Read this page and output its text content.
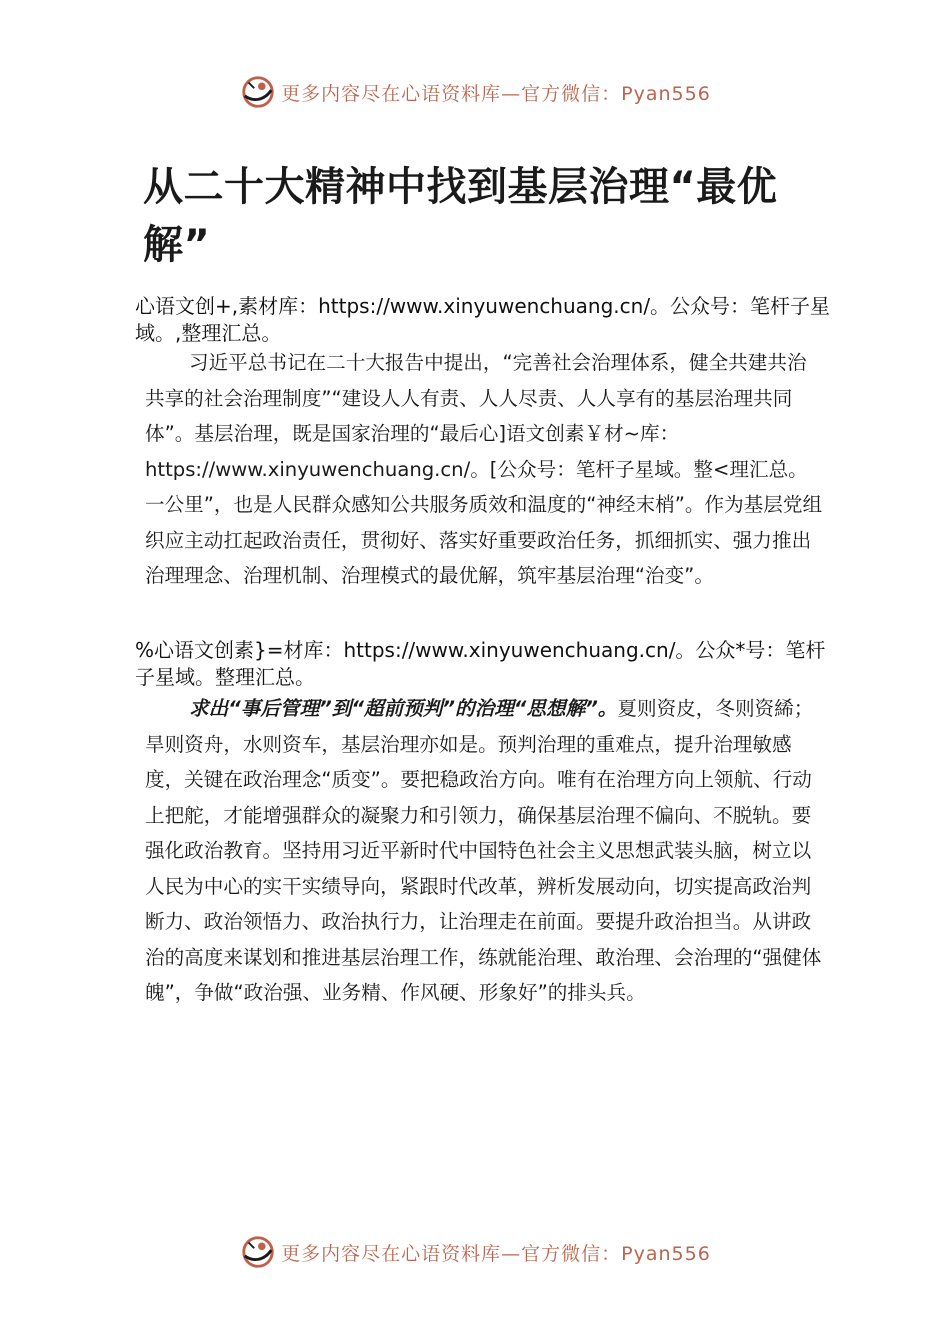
更多内容尽在心语资料库—官方微信：Pyan556
从二十大精神中找到基层治理“最优解”
心语文创+,素材库：https://www.xinyuwenchuang.cn/。公众号：笔杆子星域。,整理汇总。

习近平总书记在二十大报告中提出，“完善社会治理体系，健全共建共治共享的社会治理制度”“建设人人有责、人人尽责、人人享有的基层治理共同体”。基层治理，既是国家治理的“最后心]语文创素￥材~库：https://www.xinyuwenchuang.cn/。[公众号：笔杆子星域。整<理汇总。一公里”，也是人民群众感知公共服务质效和温度的“神经末梢”。作为基层党组织应主动扛起政治责任，贯彻好、落实好重要政治任务，抓细抓实、强力推出治理理念、治理机制、治理模式的最优解，筑牢基层治理“治变”。

%心语文创素}=材库：https://www.xinyuwenchuang.cn/。公众*号：笔杆子星域。整理汇总。

求出“事后管理”到“超前预判”的治理“思想解”。夏则资皮，冬则资絺；旱则资舟，水则资车，基层治理亦如是。预判治理的重难点，提升治理敏感度，关键在政治理念“质变”。要把稳政治方向。唯有在治理方向上领航、行动上把舵，才能增强群众的凝聚力和引领力，确保基层治理不偏向、不脱轨。要强化政治教育。坚持用习近平新时代中国特色社会主义思想武装头脑，树立以人民为中心的实干实绩导向，紧跟时代改革，辨析发展动向，切实提高政治判断力、政治领悟力、政治执行力，让治理走在前面。要提升政治担当。从讲政治的高度来谋划和推进基层治理工作，练就能治理、敢治理、会治理的“强健体魄”，争做“政治强、业务精、作风硬、形象好”的排头兵。

更多内容尽在心语资料库—官方微信：Pyan556
